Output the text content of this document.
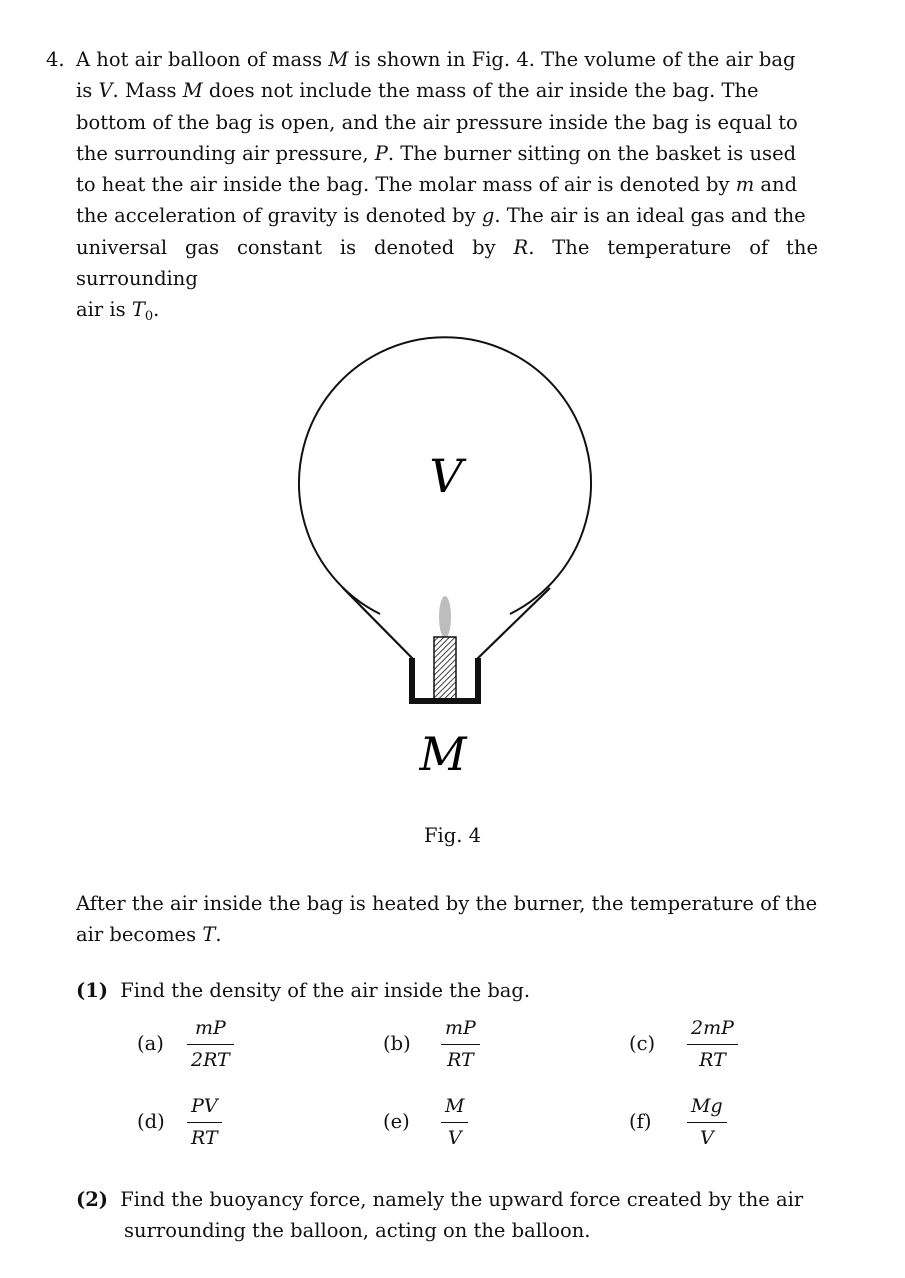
4. A hot air balloon of mass M is shown in Fig. 4. The volume of the air bag
is V. Mass M does not include the mass of the air inside the bag. The
bottom of the bag is open, and the air pressure inside the bag is equal to
the surrounding air pressure, P. The burner sitting on the basket is used
to heat the air inside the bag. The molar mass of air is denoted by m and
the acceleration of gravity is denoted by g. The air is an ideal gas and the
universal gas constant is denoted by R. The temperature of the surrounding
air is $T_0$.
V
M
Fig. 4
After the air inside the bag is heated by the burner, the temperature of the
air becomes T.
(1) Find the density of the air inside the bag.
(a)
mP
2RT
(b)
mP
RT
(c)
2mP
RT
(d)
PV
RT
(e)
M
V
(f)
Mg
V
(2) Find the buoyancy force, namely the upward force created by the air
surrounding the balloon, acting on the balloon.
